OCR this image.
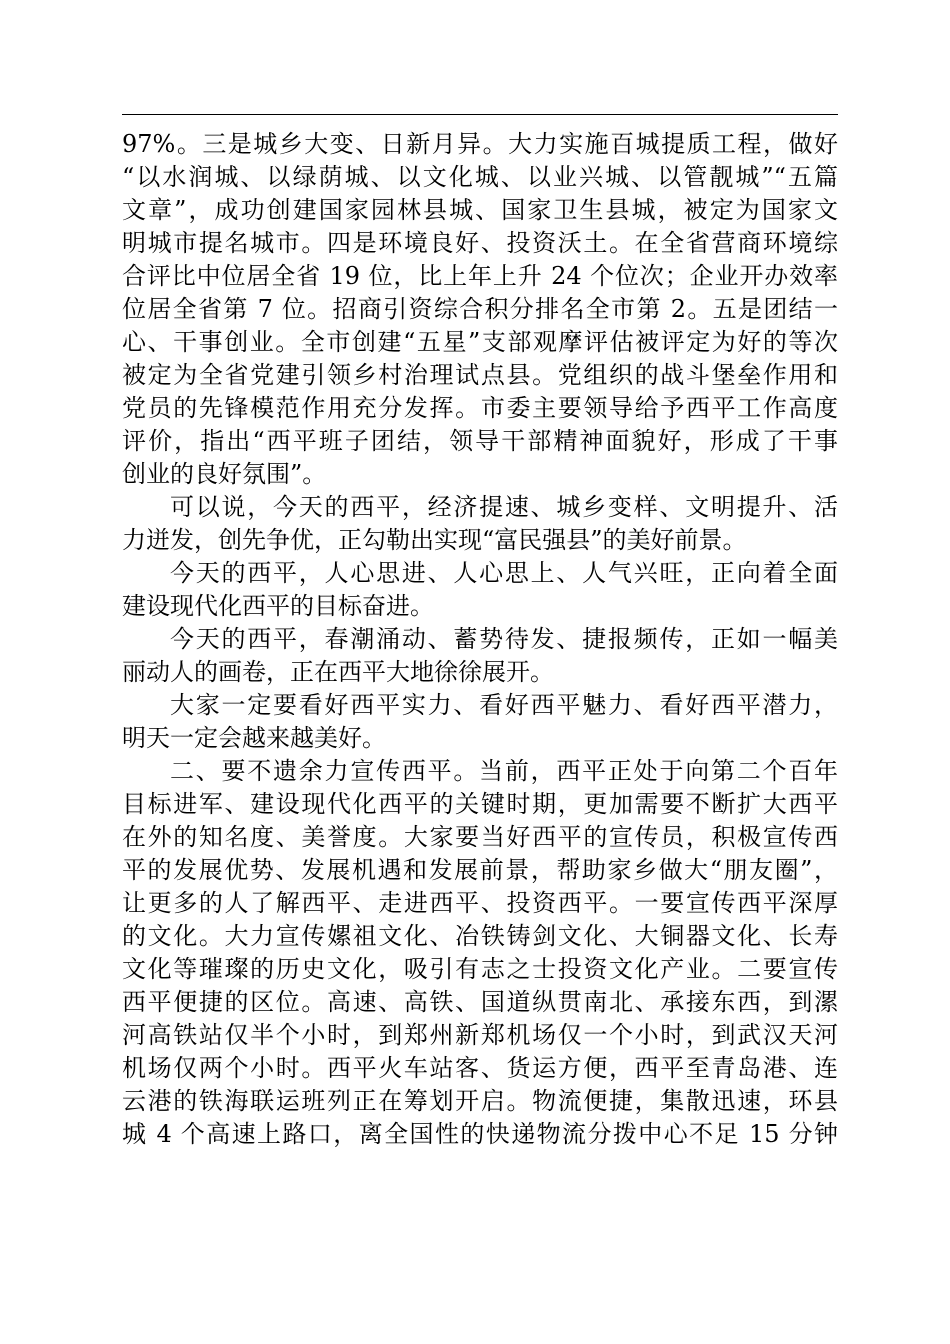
97%。三是城乡大变、日新月异。大力实施百城提质工程，做好
“以水润城、以绿荫城、以文化城、以业兴城、以管靓城”“五篇
文章”，成功创建国家园林县城、国家卫生县城，被定为国家文
明城市提名城市。四是环境良好、投资沃土。在全省营商环境综
合评比中位居全省 19 位，比上年上升 24 个位次；企业开办效率
位居全省第 7 位。招商引资综合积分排名全市第 2。五是团结一
心、干事创业。全市创建“五星”支部观摩评估被评定为好的等次
被定为全省党建引领乡村治理试点县。党组织的战斗堡垒作用和
党员的先锋模范作用充分发挥。市委主要领导给予西平工作高度
评价，指出“西平班子团结，领导干部精神面貌好，形成了干事
创业的良好氛围”。
可以说，今天的西平，经济提速、城乡变样、文明提升、活
力迸发，创先争优，正勾勒出实现“富民强县”的美好前景。
今天的西平，人心思进、人心思上、人气兴旺，正向着全面
建设现代化西平的目标奋进。
今天的西平，春潮涌动、蓄势待发、捷报频传，正如一幅美
丽动人的画卷，正在西平大地徐徐展开。
大家一定要看好西平实力、看好西平魅力、看好西平潜力，
明天一定会越来越美好。
二、要不遗余力宣传西平。当前，西平正处于向第二个百年
目标进军、建设现代化西平的关键时期，更加需要不断扩大西平
在外的知名度、美誉度。大家要当好西平的宣传员，积极宣传西
平的发展优势、发展机遇和发展前景，帮助家乡做大“朋友圈”，
让更多的人了解西平、走进西平、投资西平。一要宣传西平深厚
的文化。大力宣传嫘祖文化、冶铁铸剑文化、大铜器文化、长寿
文化等璀璨的历史文化，吸引有志之士投资文化产业。二要宣传
西平便捷的区位。高速、高铁、国道纵贯南北、承接东西，到漯
河高铁站仅半个小时，到郑州新郑机场仅一个小时，到武汉天河
机场仅两个小时。西平火车站客、货运方便，西平至青岛港、连
云港的铁海联运班列正在筹划开启。物流便捷，集散迅速，环县
城 4 个高速上路口，离全国性的快递物流分拨中心不足 15 分钟
